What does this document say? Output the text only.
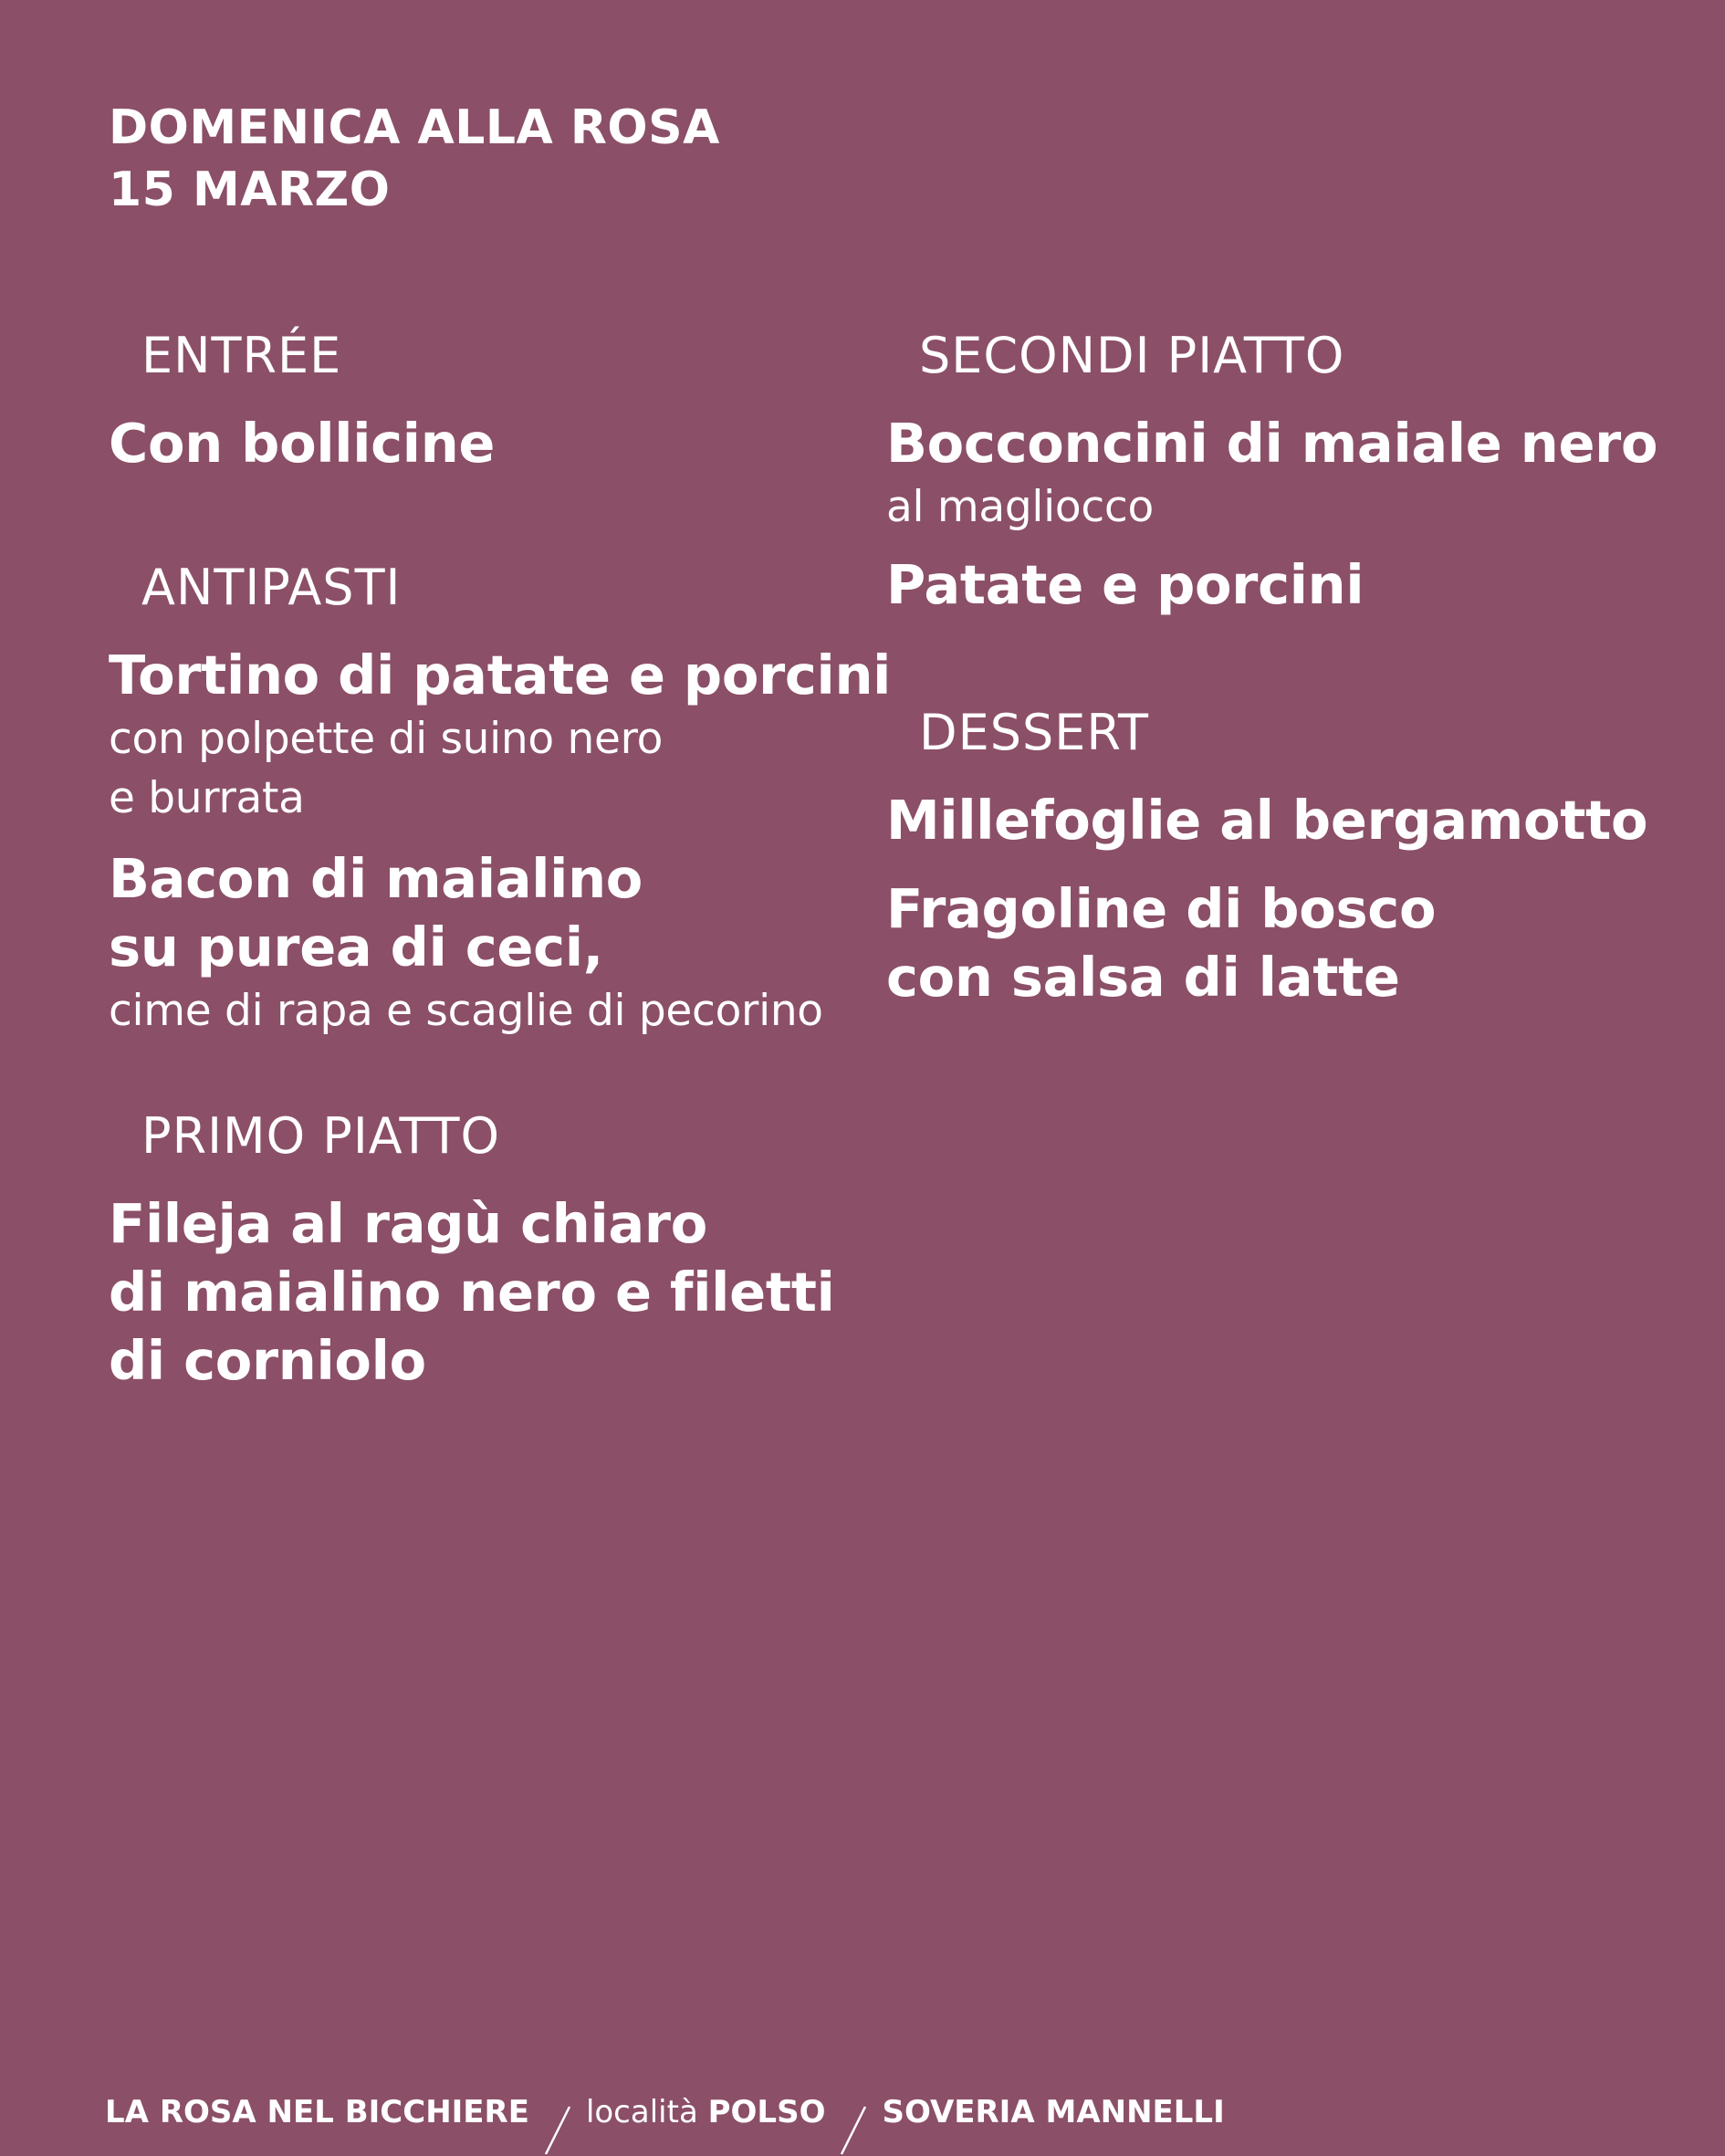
DOMENICA ALLA ROSA
15 MARZO
ENTRÉE
Con bollicine
ANTIPASTI
Tortino di patate e porcini
con polpette di suino nero
e burrata
Bacon di maialino
su purea di ceci,
cime di rapa e scaglie di pecorino
PRIMO PIATTO
Fileja al ragù chiaro
di maialino nero e filetti
di corniolo
SECONDI PIATTO
Bocconcini di maiale nero
al magliocco
Patate e porcini
DESSERT
Millefoglie al bergamotto
Fragoline di bosco
con salsa di latte
LA ROSA NEL BICCHIERE località POLSO SOVERIA MANNELLI
